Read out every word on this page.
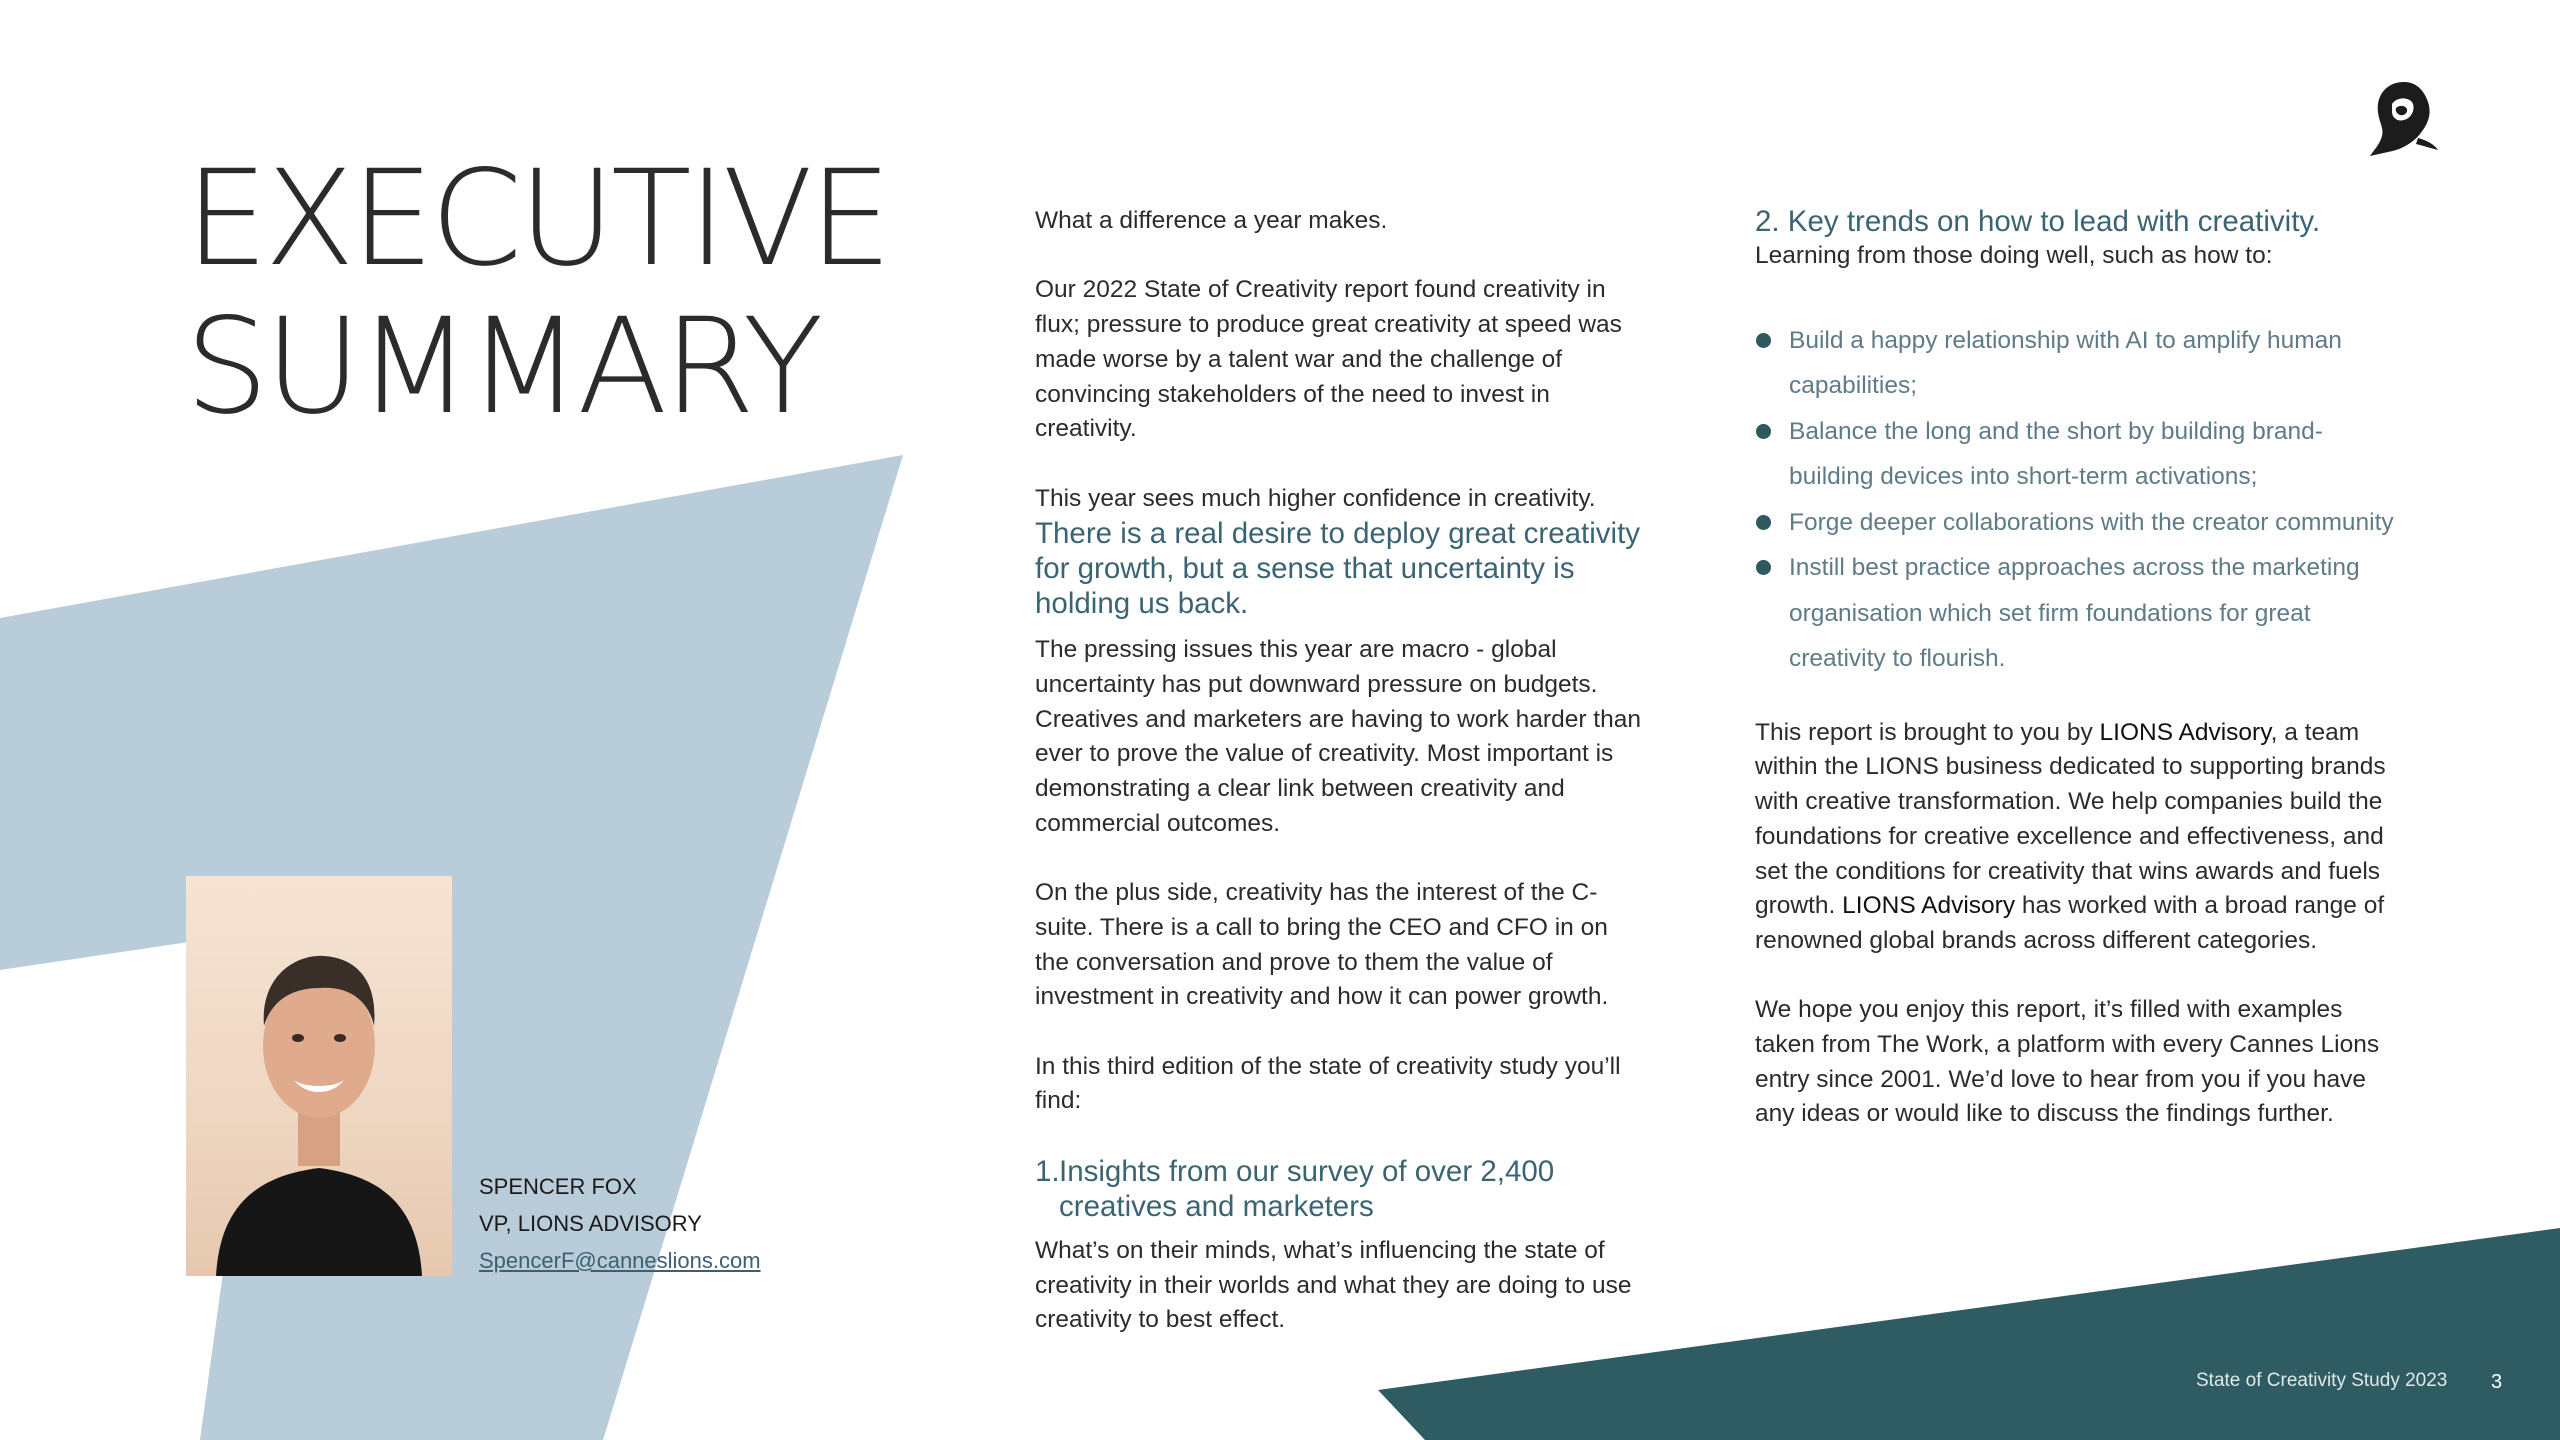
EXECUTIVE
SUMMARY
SPENCER FOX
VP, LIONS ADVISORY
SpencerF@canneslions.com

What a difference a year makes.

Our 2022 State of Creativity report found creativity in flux; pressure to produce great creativity at speed was made worse by a talent war and the challenge of convincing stakeholders of the need to invest in creativity.

This year sees much higher confidence in creativity.

There is a real desire to deploy great creativity for growth, but a sense that uncertainty is holding us back.

The pressing issues this year are macro - global uncertainty has put downward pressure on budgets. Creatives and marketers are having to work harder than ever to prove the value of creativity. Most important is demonstrating a clear link between creativity and commercial outcomes.

On the plus side, creativity has the interest of the C-suite. There is a call to bring the CEO and CFO in on the conversation and prove to them the value of investment in creativity and how it can power growth.

In this third edition of the state of creativity study you’ll find:

1.Insights from our survey of over 2,400
creatives and marketers

What’s on their minds, what’s influencing the state of creativity in their worlds and what they are doing to use creativity to best effect.

2. Key trends on how to lead with creativity.
Learning from those doing well, such as how to:
Build a happy relationship with AI to amplify human capabilities;
Balance the long and the short by building brand-building devices into short-term activations;
Forge deeper collaborations with the creator community
Instill best practice approaches across the marketing organisation which set firm foundations for great creativity to flourish.

This report is brought to you by LIONS Advisory, a team within the LIONS business dedicated to supporting brands with creative transformation. We help companies build the foundations for creative excellence and effectiveness, and set the conditions for creativity that wins awards and fuels growth. LIONS Advisory has worked with a broad range of renowned global brands across different categories.

We hope you enjoy this report, it’s filled with examples taken from The Work, a platform with every Cannes Lions entry since 2001. We’d love to hear from you if you have any ideas or would like to discuss the findings further.

State of Creativity Study 2023 3
